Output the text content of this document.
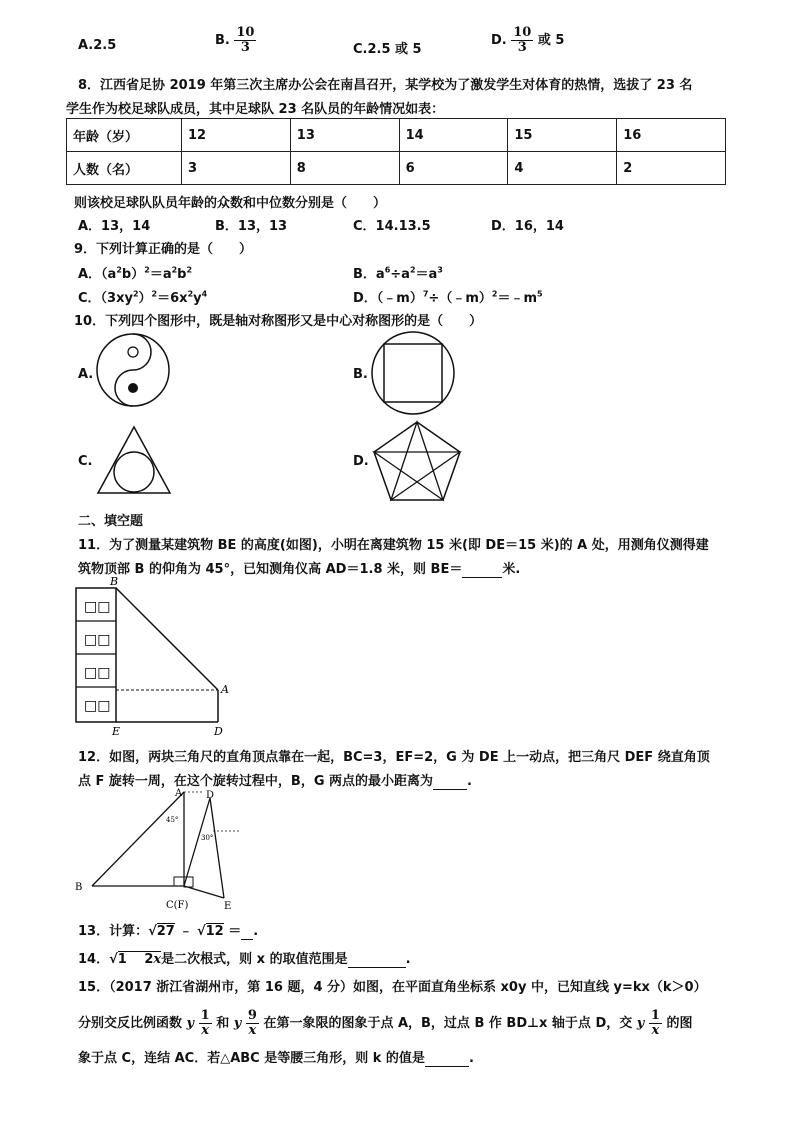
A.2.5	B. $\frac{10}{3}$	C.2.5 或 5
D. $\frac{10}{3}$ 或 5
8．江西省足协 2019 年第三次主席办公会在南昌召开，某学校为了激发学生对体育的热情，选拔了 23 名
学生作为校足球队成员，其中足球队 23 名队员的年龄情况如表：
年龄（岁）	12	13	14	15	16
人数（名）	3	8	6	4	2
则该校足球队队员年龄的众数和中位数分别是（　　）
A．13，14	B．13，13	C．14.13.5	D．16，14
9．下列计算正确的是（　　）
A．$(a^2b)^2=a^2b^2$	B．$a^6\div a^2=a^3$
C．$(3xy^2)^2=6x^2y^4$	D．$(﹣m)^7\div(﹣m)^2=﹣m^5$
10．下列四个图形中，既是轴对称图形又是中心对称图形的是（　　）
A.	B.
C.	D.
二、填空题
11．为了测量某建筑物 BE 的高度(如图)，小明在离建筑物 15 米(即 DE＝15 米)的 A 处，用测角仪测得建
筑物顶部 B 的仰角为 45°，已知测角仪高 AD＝1.8 米，则 BE＝	米.
□□
□□
□□
□□
B
A
E	D
12．如图，两块三角尺的直角顶点靠在一起，BC=3，EF=2，G 为 DE 上一动点，把三角尺 DEF 绕直角顶
点 F 旋转一周，在这个旋转过程中，B，G 两点的最小距离为	.
A D
B
C(F)	E
45°
30°
13．计算：√27 ﹣ √12 ＝ .
14．√1 　2x是二次根式，则 x 的取值范围是	.
15．（2017 浙江省湖州市，第 16 题，4 分）如图，在平面直角坐标系 x0y 中，已知直线 y=kx（k＞0）
分别交反比例函数 y $\frac{1}{x}$ 和 y $\frac{9}{x}$ 在第一象限的图象于点 A，B，过点 B 作 BD⊥x 轴于点 D，交 y $\frac{1}{x}$ 的图
象于点 C，连结 AC．若△ABC 是等腰三角形，则 k 的值是	.
